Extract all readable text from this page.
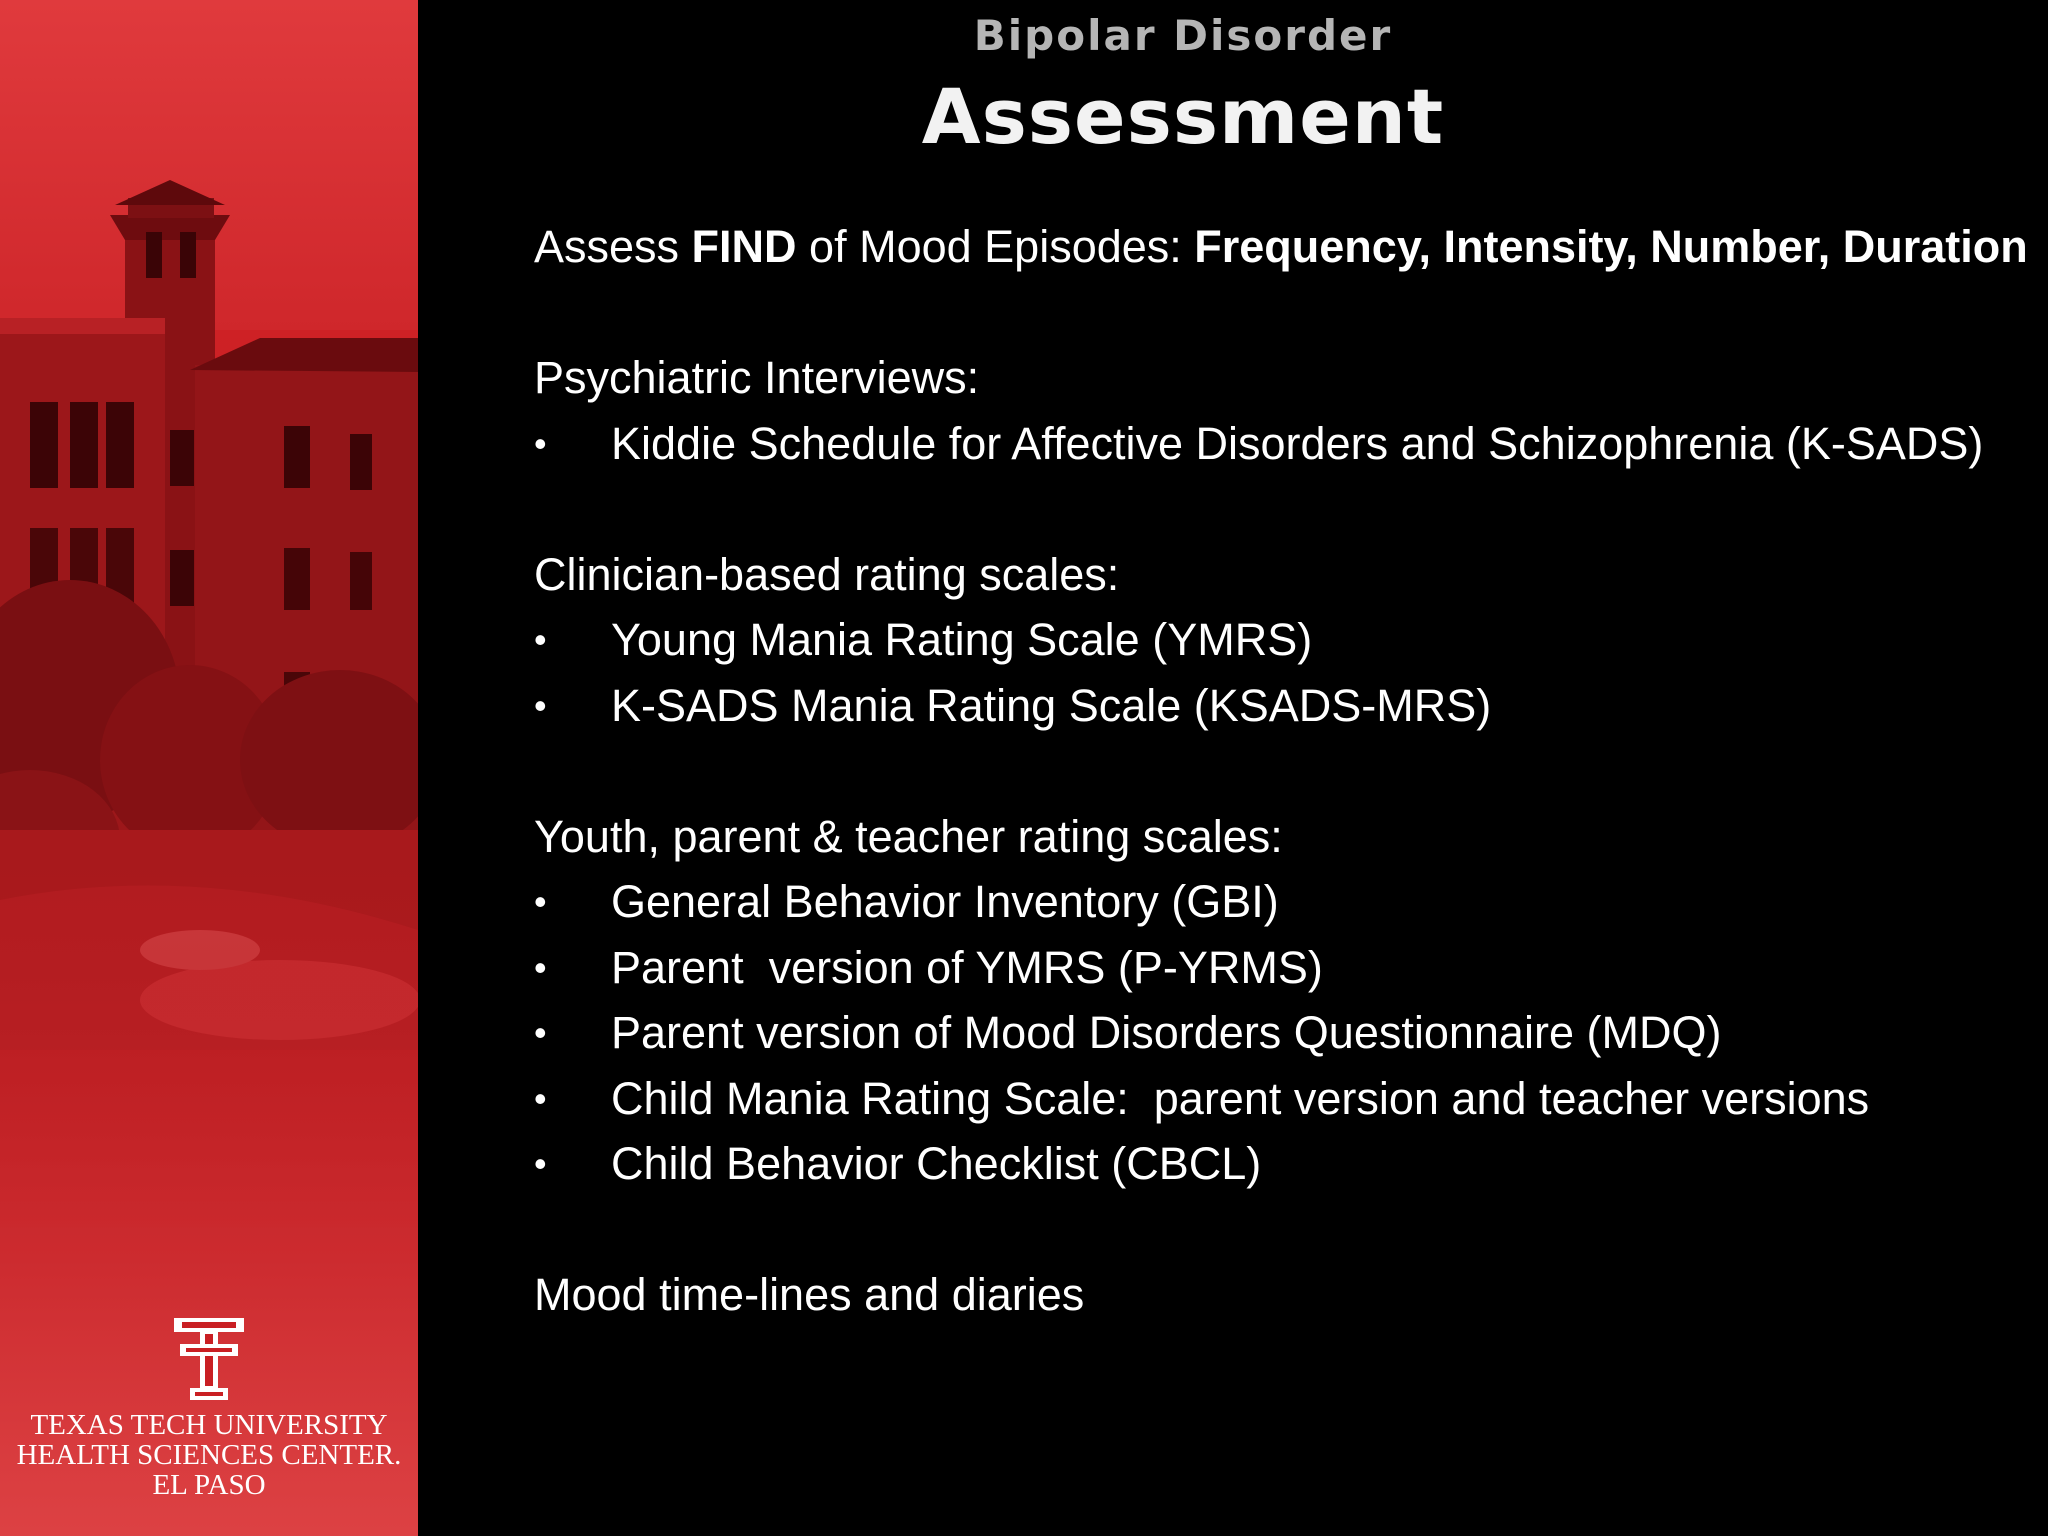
TEXAS TECH UNIVERSITY
HEALTH SCIENCES CENTER.
EL PASO
Bipolar Disorder
Assessment

Assess FIND of Mood Episodes: Frequency, Intensity, Number, Duration

Psychiatric Interviews:

•	Kiddie Schedule for Affective Disorders and Schizophrenia (K-SADS)

Clinician-based rating scales:

•	Young Mania Rating Scale (YMRS)
•	K-SADS Mania Rating Scale (KSADS-MRS)

Youth, parent & teacher rating scales:

•	General Behavior Inventory (GBI)
•	Parent  version of YMRS (P-YRMS)
•	Parent version of Mood Disorders Questionnaire (MDQ)
•	Child Mania Rating Scale:  parent version and teacher versions
•	Child Behavior Checklist (CBCL)

Mood time-lines and diaries
